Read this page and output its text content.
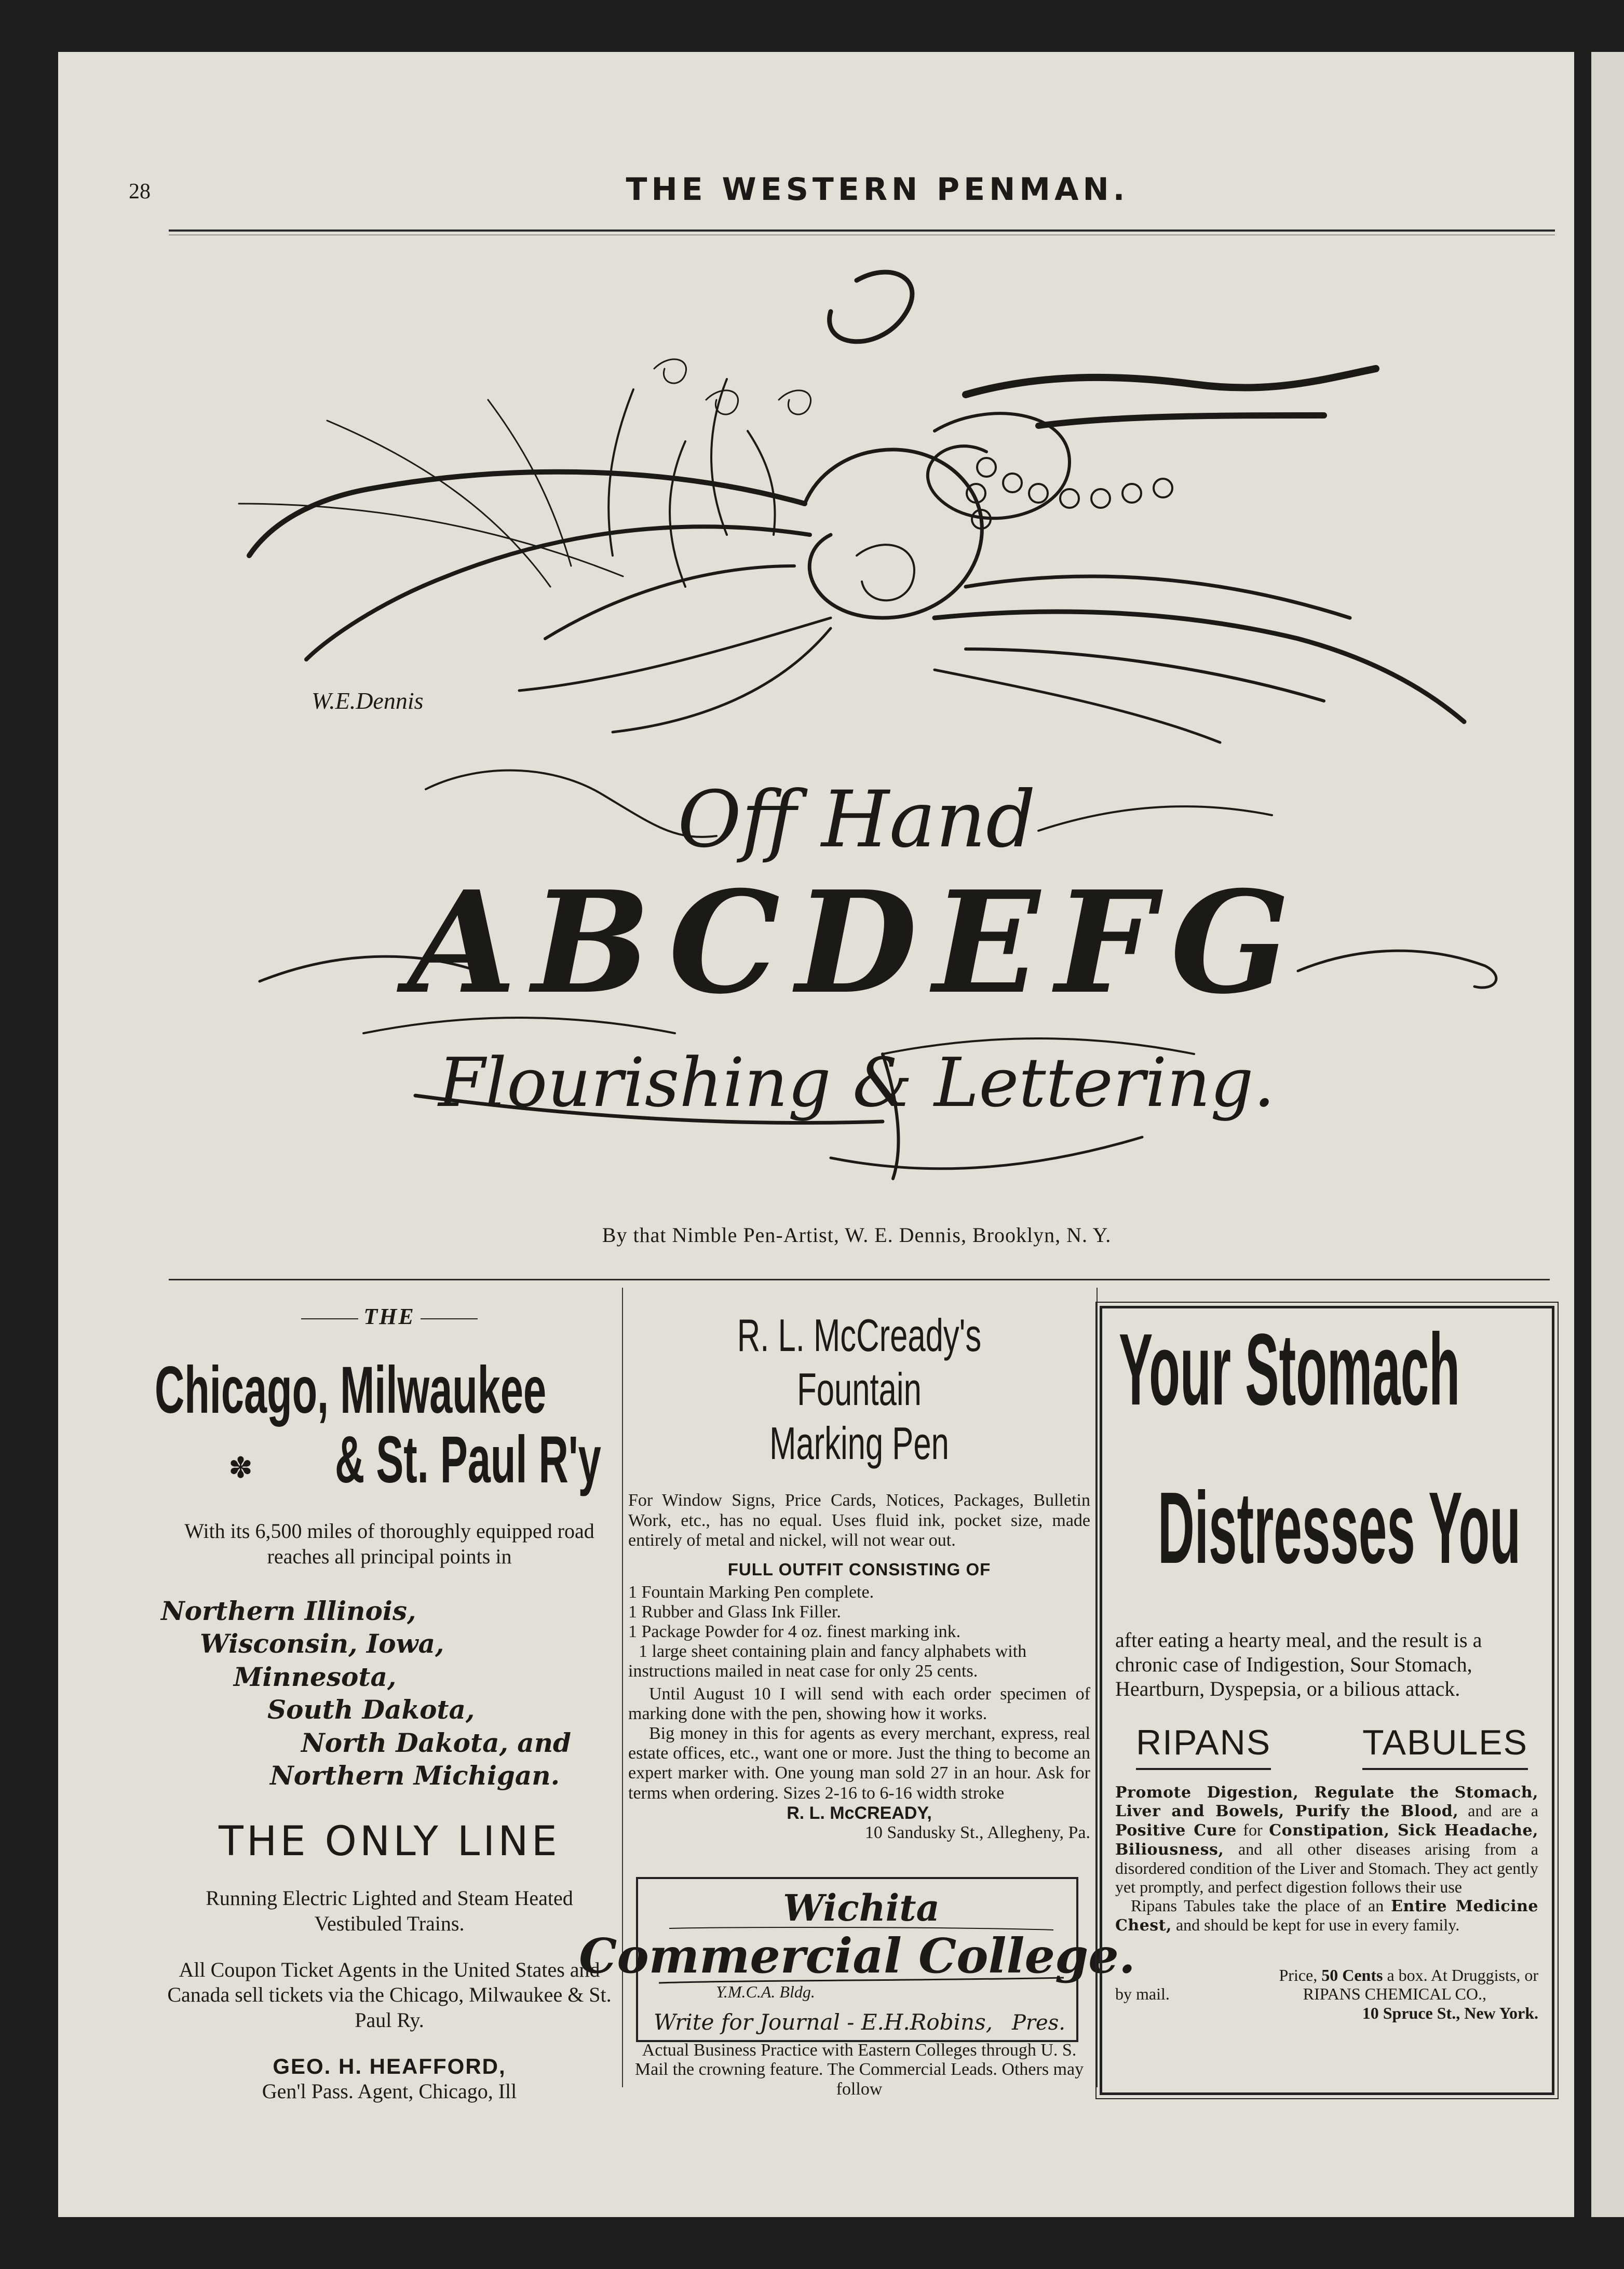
28	THE WESTERN PENMAN.
W.E.Dennis
Off Hand
ABCDEFG
Flourishing & Lettering.
By that Nimble Pen-Artist, W. E. Dennis, Brooklyn, N. Y.
THE
Chicago, Milwaukee
✽ & St. Paul R'y
With its 6,500 miles of thoroughly equipped road reaches all principal points in
Northern Illinois,
Wisconsin, Iowa,
Minnesota,
South Dakota,
North Dakota, and
Northern Michigan.
THE ONLY LINE
Running Electric Lighted and Steam Heated Vestibuled Trains.
All Coupon Ticket Agents in the United States and Canada sell tickets via the Chicago, Milwaukee & St. Paul Ry.
GEO. H. HEAFFORD,
Gen'l Pass. Agent, Chicago, Ill
R. L. McCready's Fountain
Marking Pen
For Window Signs, Price Cards, Notices, Packages, Bulletin Work, etc., has no equal. Uses fluid ink, pocket size, made entirely of metal and nickel, will not wear out.
FULL OUTFIT CONSISTING OF
1 Fountain Marking Pen complete.
1 Rubber and Glass Ink Filler.
1 Package Powder for 4 oz. finest marking ink.
1 large sheet containing plain and fancy alphabets with instructions mailed in neat case for only 25 cents.
Until August 10 I will send with each order specimen of marking done with the pen, showing how it works.
Big money in this for agents as every merchant, express, real estate offices, etc., want one or more. Just the thing to become an expert marker with. One young man sold 27 in an hour. Ask for terms when ordering. Sizes 2-16 to 6-16 width stroke
R. L. McCREADY,
10 Sandusky St., Allegheny, Pa.
Wichita
Commercial College.
Y.M.C.A. Bldg.
Write for Journal - E.H.Robins, Pres.
Actual Business Practice with Eastern Colleges through U. S. Mail the crowning feature. The Commercial Leads. Others may follow
Your Stomach
Distresses You
after eating a hearty meal, and the result is a chronic case of Indigestion, Sour Stomach, Heartburn, Dyspepsia, or a bilious attack.
RIPANS	TABULES
Promote Digestion, Regulate the Stomach, Liver and Bowels, Purify the Blood, and are a Positive Cure for Constipation, Sick Headache, Biliousness, and all other diseases arising from a disordered condition of the Liver and Stomach. They act gently yet promptly, and perfect digestion follows their use
Ripans Tabules take the place of an Entire Medicine Chest, and should be kept for use in every family.
Price, 50 Cents a box. At Druggists, or
by mail.	RIPANS CHEMICAL CO.,
10 Spruce St., New York.
